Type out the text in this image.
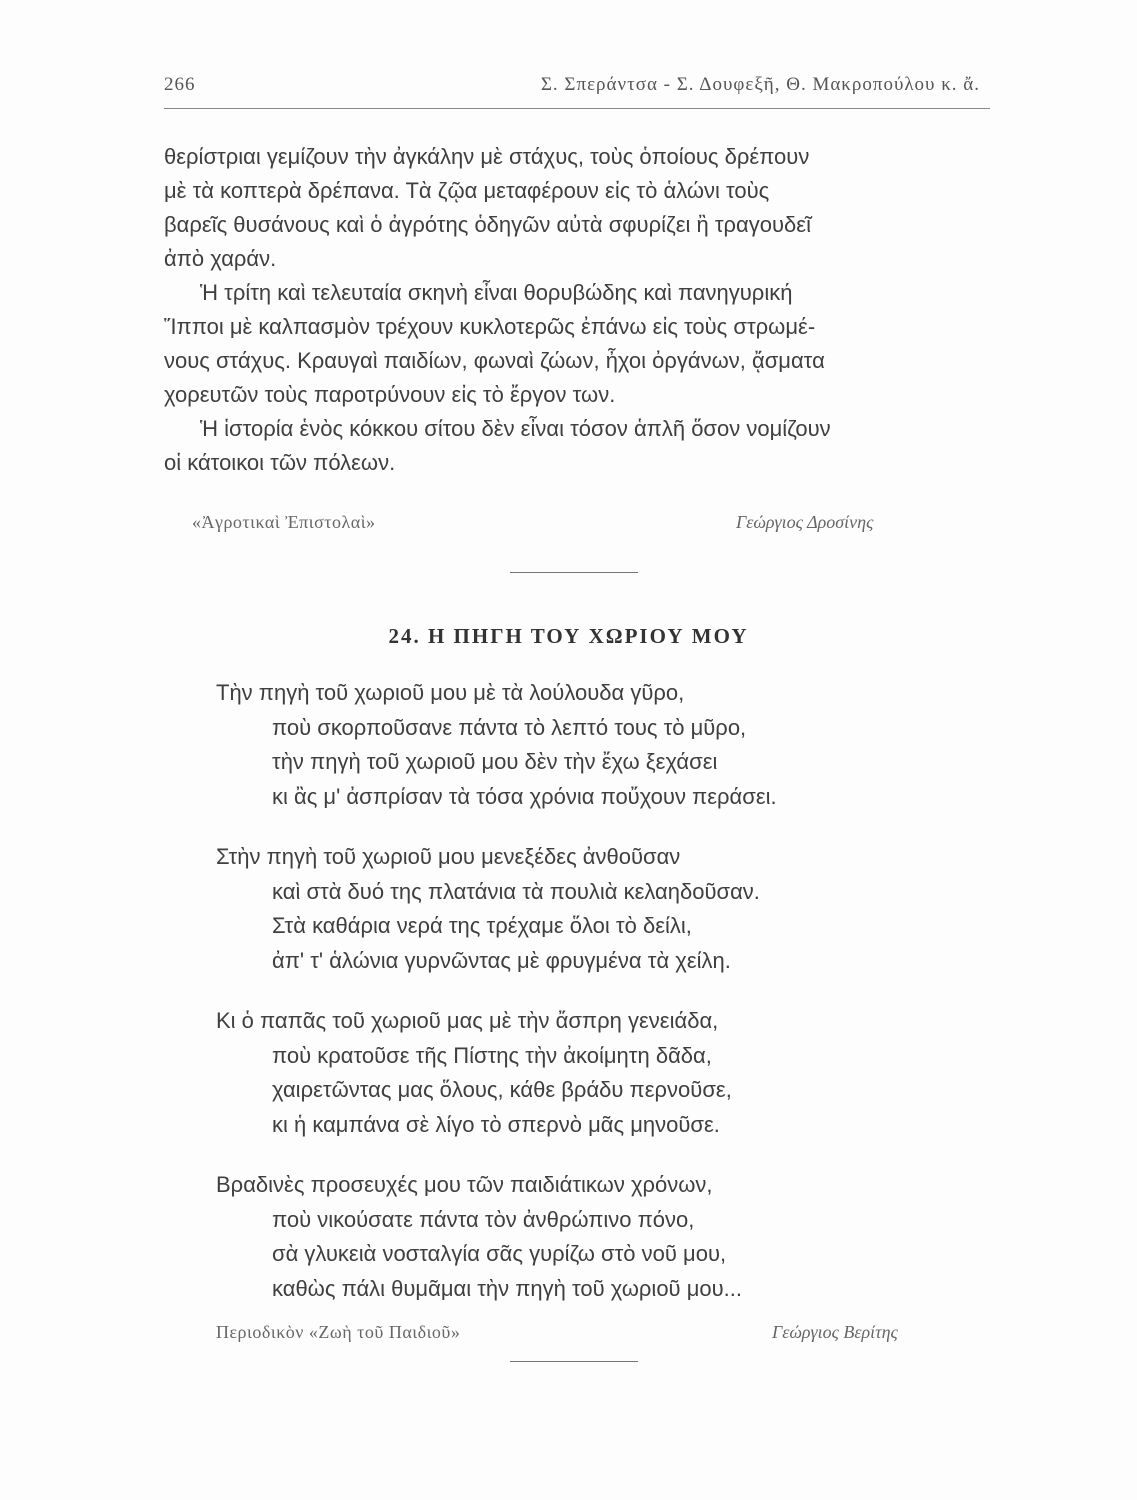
266	Σ. Σπεράντσα - Σ. Δουφεξῆ, Θ. Μακροπούλου κ. ἄ.
θερίστριαι γεμίζουν τὴν ἀγκάλην μὲ στάχυς, τοὺς ὁποίους δρέπουν
μὲ τὰ κοπτερὰ δρέπανα. Τὰ ζῷα μεταφέρουν εἰς τὸ ἁλώνι τοὺς
βαρεῖς θυσάνους καὶ ὁ ἀγρότης ὁδηγῶν αὐτὰ σφυρίζει ἢ τραγουδεῖ
ἀπὸ χαράν.
Ἡ τρίτη καὶ τελευταία σκηνὴ εἶναι θορυβώδης καὶ πανηγυρική
Ἵπποι μὲ καλπασμὸν τρέχουν κυκλοτερῶς ἐπάνω εἰς τοὺς στρωμέ-
νους στάχυς. Κραυγαὶ παιδίων, φωναὶ ζώων, ἦχοι ὀργάνων, ᾄσματα
χορευτῶν τοὺς παροτρύνουν εἰς τὸ ἔργον των.
Ἡ ἱστορία ἑνὸς κόκκου σίτου δὲν εἶναι τόσον ἁπλῆ ὅσον νομίζουν
οἱ κάτοικοι τῶν πόλεων.
«Ἀγροτικαὶ Ἐπιστολαὶ»	Γεώργιος Δροσίνης
24. Η ΠΗΓΗ ΤΟΥ ΧΩΡΙΟΥ ΜΟΥ
Τὴν πηγὴ τοῦ χωριοῦ μου μὲ τὰ λούλουδα γῦρο,
ποὺ σκορποῦσανε πάντα τὸ λεπτό τους τὸ μῦρο,
τὴν πηγὴ τοῦ χωριοῦ μου δὲν τὴν ἔχω ξεχάσει
κι ἂς μ' ἀσπρίσαν τὰ τόσα χρόνια ποὔχουν περάσει.
Στὴν πηγὴ τοῦ χωριοῦ μου μενεξέδες ἀνθοῦσαν
καὶ στὰ δυό της πλατάνια τὰ πουλιὰ κελαηδοῦσαν.
Στὰ καθάρια νερά της τρέχαμε ὅλοι τὸ δείλι,
ἀπ' τ' ἁλώνια γυρνῶντας μὲ φρυγμένα τὰ χείλη.
Κι ὁ παπᾶς τοῦ χωριοῦ μας μὲ τὴν ἄσπρη γενειάδα,
ποὺ κρατοῦσε τῆς Πίστης τὴν ἀκοίμητη δᾶδα,
χαιρετῶντας μας ὅλους, κάθε βράδυ περνοῦσε,
κι ἡ καμπάνα σὲ λίγο τὸ σπερνὸ μᾶς μηνοῦσε.
Βραδινὲς προσευχές μου τῶν παιδιάτικων χρόνων,
ποὺ νικούσατε πάντα τὸν ἀνθρώπινο πόνο,
σὰ γλυκειὰ νοσταλγία σᾶς γυρίζω στὸ νοῦ μου,
καθὼς πάλι θυμᾶμαι τὴν πηγὴ τοῦ χωριοῦ μου...
Περιοδικὸν «Ζωὴ τοῦ Παιδιοῦ»	Γεώργιος Βερίτης
